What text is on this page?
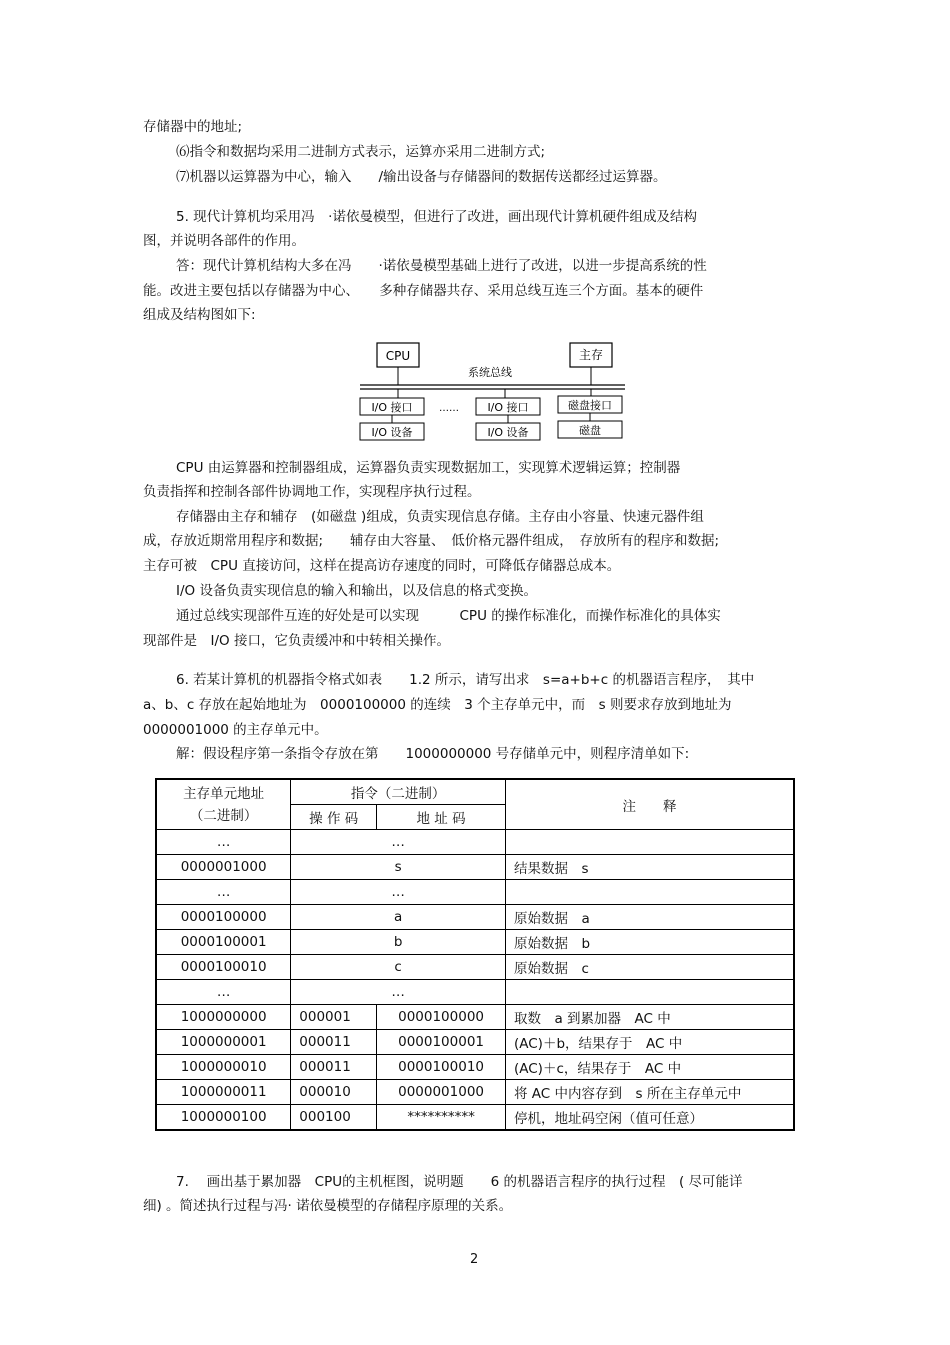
存储器中的地址;
⑹指令和数据均采用二进制方式表示，运算亦采用二进制方式;
⑺机器以运算器为中心，输入　　/输出设备与存储器间的数据传送都经过运算器。
5. 现代计算机均采用冯　·诺依曼模型，但进行了改进，画出现代计算机硬件组成及结构
图，并说明各部件的作用。
答：现代计算机结构大多在冯　　·诺依曼模型基础上进行了改进，以进一步提高系统的性
能。改进主要包括以存储器为中心、　　多种存储器共存、采用总线互连三个方面。基本的硬件
组成及结构图如下:
CPU	主存
系统总线
I/O 接口	……	I/O 接口	磁盘接口
I/O 设备	I/O 设备	磁盘
CPU 由运算器和控制器组成，运算器负责实现数据加工，实现算术逻辑运算；控制器
负责指挥和控制各部件协调地工作，实现程序执行过程。
存储器由主存和辅存　(如磁盘 )组成，负责实现信息存储。主存由小容量、快速元器件组
成，存放近期常用程序和数据;　　辅存由大容量、　低价格元器件组成，　存放所有的程序和数据;
主存可被　CPU 直接访问，这样在提高访存速度的同时，可降低存储器总成本。
I/O 设备负责实现信息的输入和输出，以及信息的格式变换。
通过总线实现部件互连的好处是可以实现　　　CPU 的操作标准化，而操作标准化的具体实
现部件是　I/O 接口，它负责缓冲和中转相关操作。
6. 若某计算机的机器指令格式如表　　1.2 所示，请写出求　s=a+b+c 的机器语言程序，　其中
a、b、c 存放在起始地址为　0000100000 的连续　3 个主存单元中，而　s 则要求存放到地址为
0000001000 的主存单元中。
解：假设程序第一条指令存放在第　　1000000000 号存储单元中，则程序清单如下:
主存单元地址
（二进制）	指令（二进制）		注　　释
	操 作 码	地 址 码	
…	…		
0000001000	s		结果数据　s
…	…		
0000100000	a		原始数据　a
0000100001	b		原始数据　b
0000100010	c		原始数据　c
…	…		
1000000000	000001	0000100000	取数　a 到累加器　AC 中
1000000001	000011	0000100001	(AC)＋b，结果存于　AC 中
1000000010	000011	0000100010	(AC)＋c，结果存于　AC 中
1000000011	000010	0000001000	将 AC 中内容存到　s 所在主存单元中
1000000100	000100	**********	停机，地址码空闲（值可任意）
7.　 画出基于累加器　CPU的主机框图，说明题　　6 的机器语言程序的执行过程　( 尽可能详
细) 。简述执行过程与冯· 诺依曼模型的存储程序原理的关系。
2
